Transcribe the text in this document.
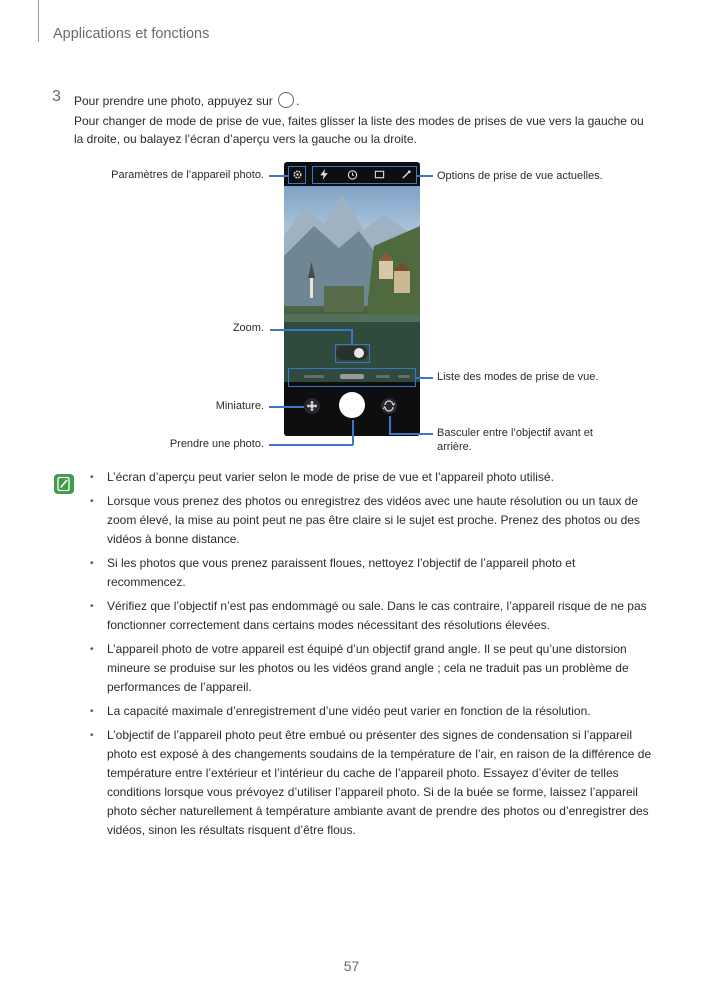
Applications et fonctions
3 Pour prendre une photo, appuyez sur .
Pour changer de mode de prise de vue, faites glisser la liste des modes de prises de vue vers la gauche ou la droite, ou balayez l’écran d’aperçu vers la gauche ou la droite.
Paramètres de l’appareil photo.	Options de prise de vue actuelles.
Zoom.
Liste des modes de prise de vue.
Miniature.
Basculer entre l’objectif avant et
arrière.
Prendre une photo.
• L’écran d’aperçu peut varier selon le mode de prise de vue et l’appareil photo utilisé.
• Lorsque vous prenez des photos ou enregistrez des vidéos avec une haute résolution ou un taux de zoom élevé, la mise au point peut ne pas être claire si le sujet est proche. Prenez des photos ou des vidéos à bonne distance.
• Si les photos que vous prenez paraissent floues, nettoyez l’objectif de l’appareil photo et recommencez.
• Vérifiez que l’objectif n’est pas endommagé ou sale. Dans le cas contraire, l’appareil risque de ne pas fonctionner correctement dans certains modes nécessitant des résolutions élevées.
• L’appareil photo de votre appareil est équipé d’un objectif grand angle. Il se peut qu’une distorsion mineure se produise sur les photos ou les vidéos grand angle ; cela ne traduit pas un problème de performances de l’appareil.
• La capacité maximale d’enregistrement d’une vidéo peut varier en fonction de la résolution.
• L’objectif de l’appareil photo peut être embué ou présenter des signes de condensation si l’appareil photo est exposé à des changements soudains de la température de l’air, en raison de la différence de température entre l’extérieur et l’intérieur du cache de l’appareil photo. Essayez d’éviter de telles conditions lorsque vous prévoyez d’utiliser l’appareil photo. Si de la buée se forme, laissez l’appareil photo sécher naturellement à température ambiante avant de prendre des photos ou d’enregistrer des vidéos, sinon les résultats risquent d’être flous.
57
